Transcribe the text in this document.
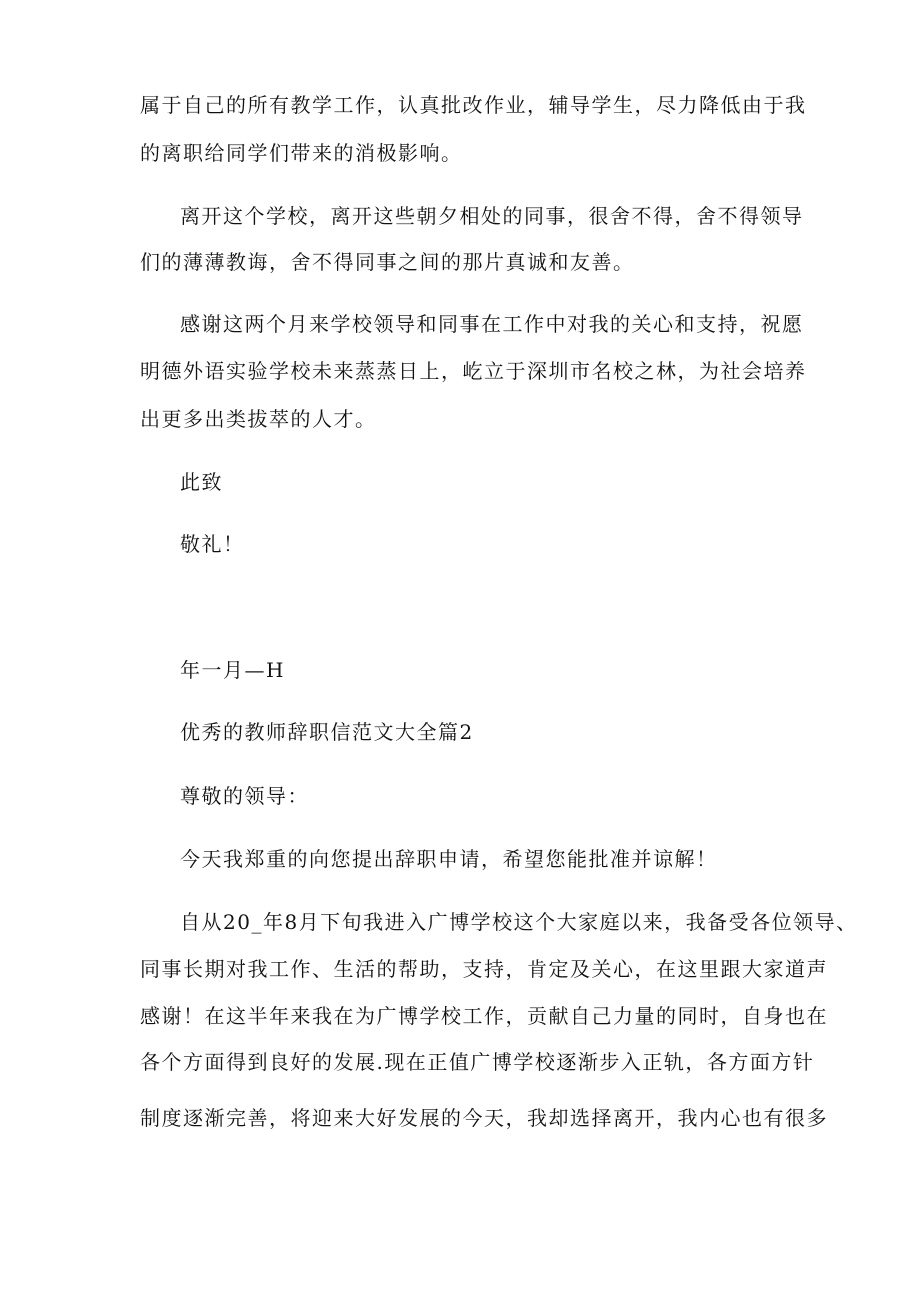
属于自己的所有教学工作，认真批改作业，辅导学生，尽力降低由于我
的离职给同学们带来的消极影响。
离开这个学校，离开这些朝夕相处的同事，很舍不得，舍不得领导
们的薄薄教诲，舍不得同事之间的那片真诚和友善。
感谢这两个月来学校领导和同事在工作中对我的关心和支持，祝愿
明德外语实验学校未来蒸蒸日上，屹立于深圳市名校之林，为社会培养
出更多出类拔萃的人才。
此致
敬礼！
年一月—H
优秀的教师辞职信范文大全篇2
尊敬的领导：
今天我郑重的向您提出辞职申请，希望您能批准并谅解！
自从20_年8月下旬我进入广博学校这个大家庭以来，我备受各位领导、
同事长期对我工作、生活的帮助，支持，肯定及关心，在这里跟大家道声
感谢！在这半年来我在为广博学校工作，贡献自己力量的同时，自身也在
各个方面得到良好的发展.现在正值广博学校逐渐步入正轨，各方面方针
制度逐渐完善，将迎来大好发展的今天，我却选择离开，我内心也有很多
